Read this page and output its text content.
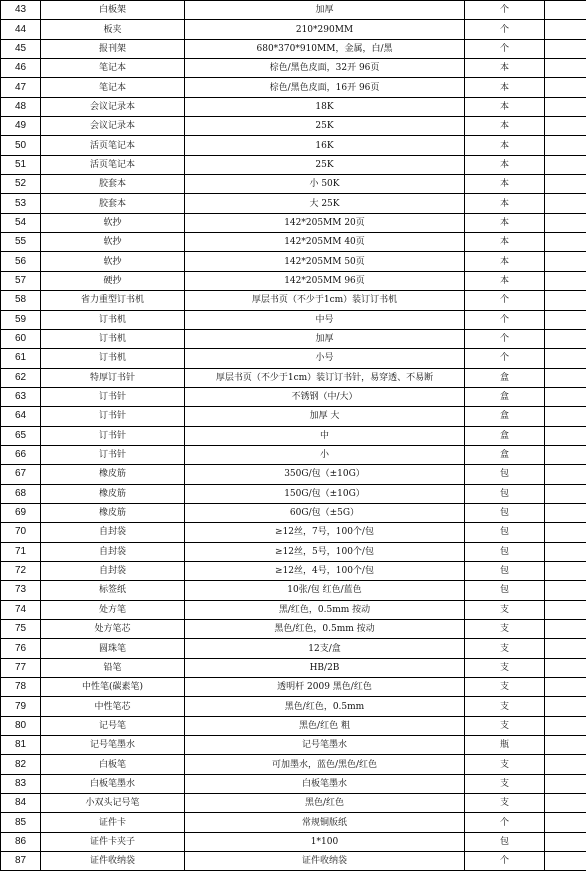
43	白板架	加厚	个	
44	板夹	210*290MM	个	
45	报刊架	680*370*910MM，金属，白/黑	个	
46	笔记本	棕色/黑色皮面，32开 96页	本	
47	笔记本	棕色/黑色皮面，16开 96页	本	
48	会议记录本	18K	本	
49	会议记录本	25K	本	
50	活页笔记本	16K	本	
51	活页笔记本	25K	本	
52	胶套本	小 50K	本	
53	胶套本	大 25K	本	
54	软抄	142*205MM 20页	本	
55	软抄	142*205MM 40页	本	
56	软抄	142*205MM 50页	本	
57	硬抄	142*205MM 96页	本	
58	省力重型订书机	厚层书页（不少于1cm）装订订书机	个	
59	订书机	中号	个	
60	订书机	加厚	个	
61	订书机	小号	个	
62	特厚订书针	厚层书页（不少于1cm）装订订书针，易穿透、不易断	盒	
63	订书针	不锈钢（中/大）	盒	
64	订书针	加厚 大	盒	
65	订书针	中	盒	
66	订书针	小	盒	
67	橡皮筋	350G/包（±10G）	包	
68	橡皮筋	150G/包（±10G）	包	
69	橡皮筋	60G/包（±5G）	包	
70	自封袋	≥12丝，7号，100个/包	包	
71	自封袋	≥12丝，5号，100个/包	包	
72	自封袋	≥12丝，4号，100个/包	包	
73	标签纸	10张/包 红色/蓝色	包	
74	处方笔	黑/红色，0.5mm 按动	支	
75	处方笔芯	黑色/红色，0.5mm 按动	支	
76	圆珠笔	12支/盒	支	
77	铅笔	HB/2B	支	
78	中性笔(碳素笔)	透明杆 2009 黑色/红色	支	
79	中性笔芯	黑色/红色，0.5mm	支	
80	记号笔	黑色/红色 粗	支	
81	记号笔墨水	记号笔墨水	瓶	
82	白板笔	可加墨水，蓝色/黑色/红色	支	
83	白板笔墨水	白板笔墨水	支	
84	小双头记号笔	黑色/红色	支	
85	证件卡	常规铜版纸	个	
86	证件卡夹子	1*100	包	
87	证件收纳袋	证件收纳袋	个	
